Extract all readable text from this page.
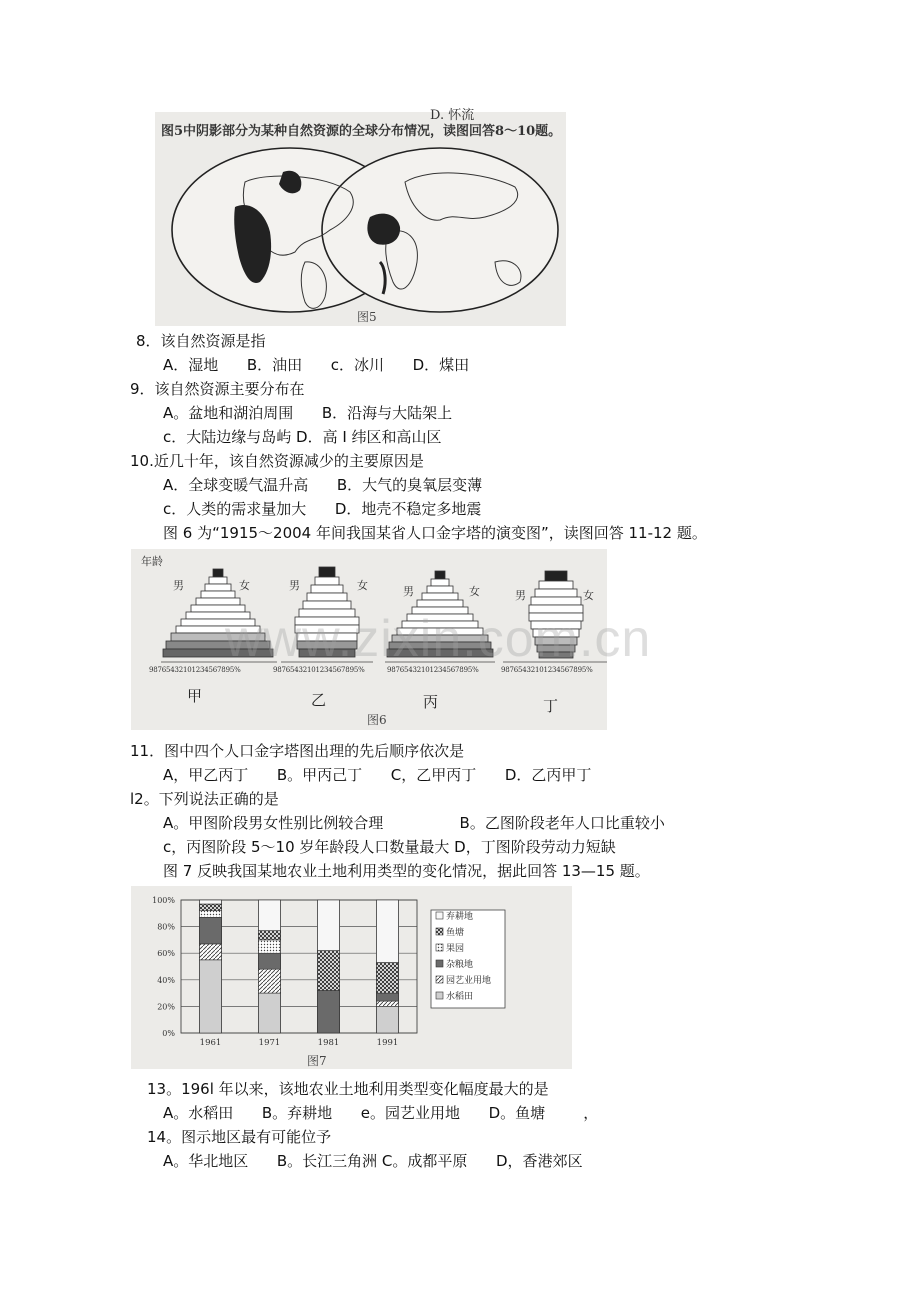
D. 怀流
图5中阴影部分为某种自然资源的全球分布情况，读图回答8～10题。
图5
8．该自然资源是指
A．湿地      B．油田      c．冰川      D．煤田
9．该自然资源主要分布在
A。盆地和湖泊周围      B．沿海与大陆架上
c．大陆边缘与岛屿 D．高 I 纬区和高山区
10.近几十年，该自然资源减少的主要原因是
A．全球变暖气温升高      B．大气的臭氧层变薄
c．人类的需求量加大      D．地壳不稳定多地震
图 6 为“1915～2004 年间我国某省人口金字塔的演变图”，读图回答 11-12 题。
年龄
男	女	男	女	男	女	男	女
98765432101234567895%	98765432101234567895%	98765432101234567895%	98765432101234567895%
甲	乙	丙	丁
图6
www.zixin.com.cn
11．图中四个人口金字塔图出理的先后顺序依次是
A，甲乙丙丁      B。甲丙己丁      C，乙甲丙丁      D．乙丙甲丁
l2。下列说法正确的是
A。甲图阶段男女性别比例较合理                B。乙图阶段老年人口比重较小
c，丙图阶段 5～10 岁年龄段人口数量最大 D，丁图阶段劳动力短缺
图 7 反映我国某地农业土地利用类型的变化情况，据此回答 13—15 题。
100%
80%
60%
40%
20%
0%
1961	1971	1981	1991
弃耕地
鱼塘
果园
杂粮地
园艺业用地
水稻田
图7
13。196l 年以来，该地农业土地利用类型变化幅度最大的是
A。水稻田      B。弃耕地      e。园艺业用地      D。鱼塘        ，
14。图示地区最有可能位予
A。华北地区      B。长江三角洲 C。成都平原      D，香港郊区
